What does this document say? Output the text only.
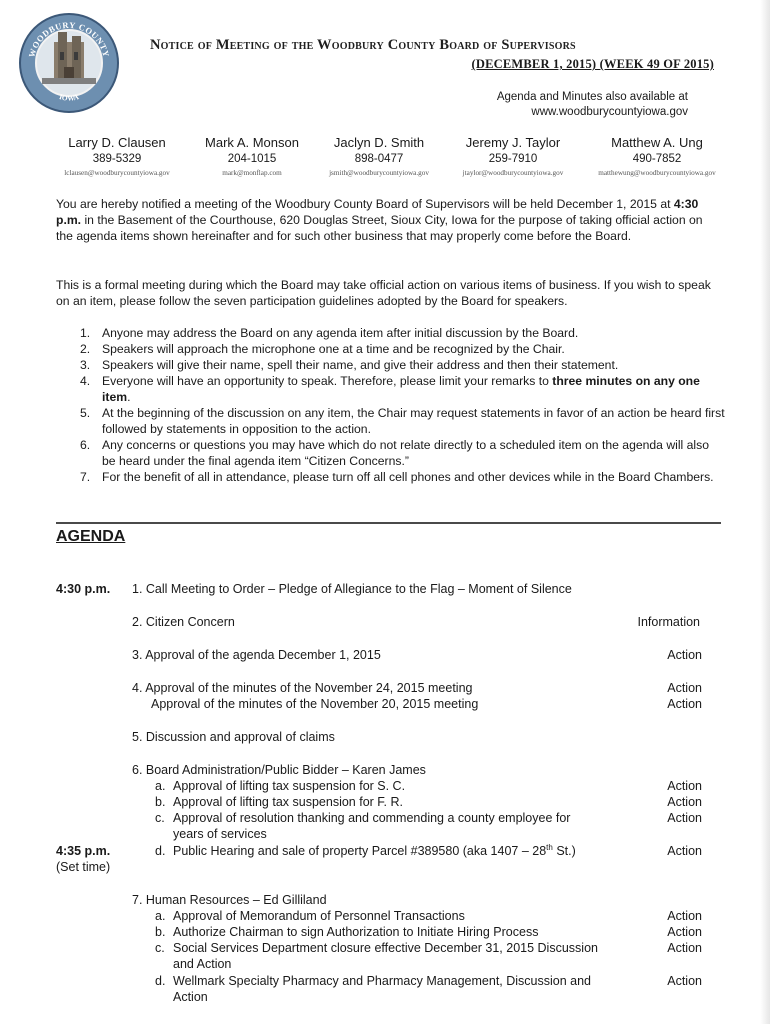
WOODBURY COUNTY
IOWA
Notice of Meeting of the Woodbury County Board of Supervisors
(DECEMBER 1, 2015) (WEEK 49 OF 2015)
Agenda and Minutes also available at
www.woodburycountyiowa.gov
Larry D. Clausen
389-5329
lclausen@woodburycountyiowa.gov
Mark A. Monson
204-1015
mark@monflap.com
Jaclyn D. Smith
898-0477
jsmith@woodburycountyiowa.gov
Jeremy J. Taylor
259-7910
jtaylor@woodburycountyiowa.gov
Matthew A. Ung
490-7852
matthewung@woodburycountyiowa.gov

You are hereby notified a meeting of the Woodbury County Board of Supervisors will be held December 1, 2015 at 4:30 p.m. in the Basement of the Courthouse, 620 Douglas Street, Sioux City, Iowa for the purpose of taking official action on the agenda items shown hereinafter and for such other business that may properly come before the Board.

This is a formal meeting during which the Board may take official action on various items of business. If you wish to speak on an item, please follow the seven participation guidelines adopted by the Board for speakers.

1. Anyone may address the Board on any agenda item after initial discussion by the Board.
2. Speakers will approach the microphone one at a time and be recognized by the Chair.
3. Speakers will give their name, spell their name, and give their address and then their statement.
4. Everyone will have an opportunity to speak. Therefore, please limit your remarks to three minutes on any one item.
5. At the beginning of the discussion on any item, the Chair may request statements in favor of an action be heard first followed by statements in opposition to the action.
6. Any concerns or questions you may have which do not relate directly to a scheduled item on the agenda will also be heard under the final agenda item “Citizen Concerns.”
7. For the benefit of all in attendance, please turn off all cell phones and other devices while in the Board Chambers.
AGENDA
4:30 p.m. 1. Call Meeting to Order – Pledge of Allegiance to the Flag – Moment of Silence
2. Citizen Concern	Information
3. Approval of the agenda December 1, 2015	Action
4. Approval of the minutes of the November 24, 2015 meeting	Action
Approval of the minutes of the November 20, 2015 meeting	Action
5. Discussion and approval of claims
6. Board Administration/Public Bidder – Karen James
a. Approval of lifting tax suspension for S. C.	Action
b. Approval of lifting tax suspension for F. R.	Action
c. Approval of resolution thanking and commending a county employee for	Action
years of services
4:35 p.m.
(Set time)
d. Public Hearing and sale of property Parcel #389580 (aka 1407 – 28th St.)	Action
7. Human Resources – Ed Gilliland
a. Approval of Memorandum of Personnel Transactions	Action
b. Authorize Chairman to sign Authorization to Initiate Hiring Process	Action
c. Social Services Department closure effective December 31, 2015 Discussion	Action
and Action
d. Wellmark Specialty Pharmacy and Pharmacy Management, Discussion and	Action
Action
